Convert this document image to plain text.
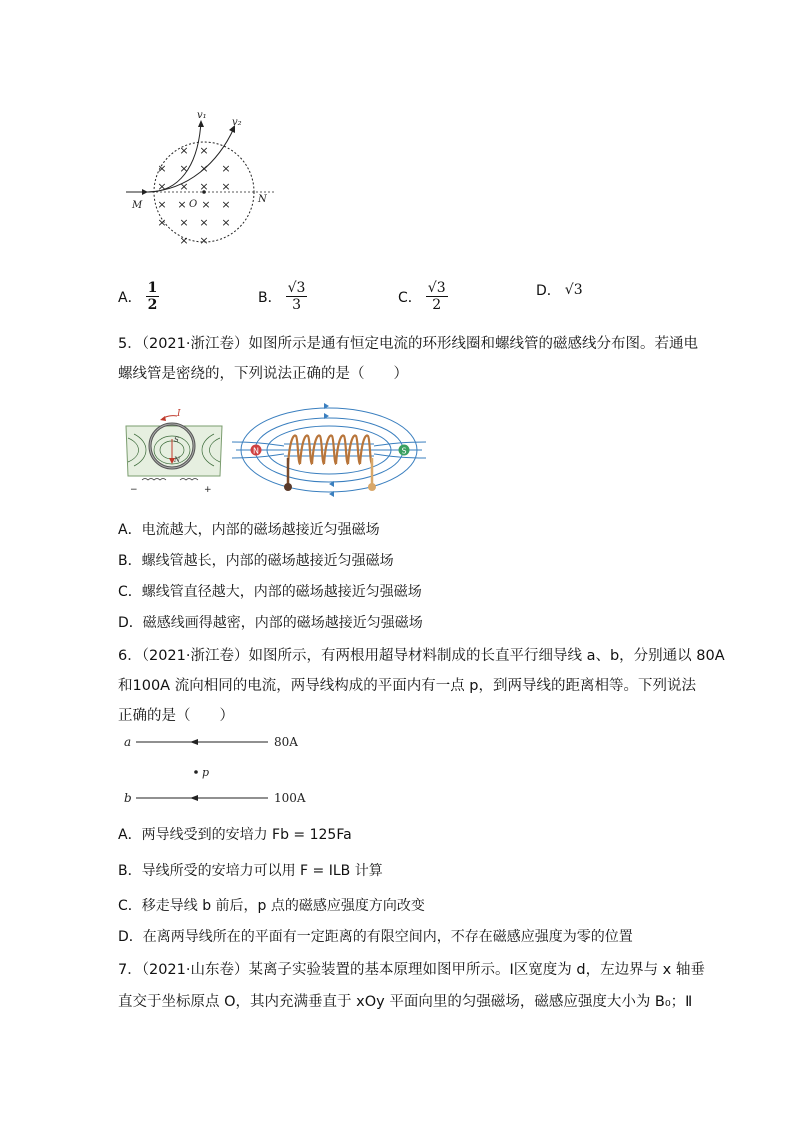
× ×
× × × ×
× × × ×
× × × ×
× × × ×
× ×
v₁
v₂
M
N
O
A． $\frac{1}{2}$	B． $\frac{√3}{3}$	C． $\frac{√3}{2}$	D． √3
5．（2021·浙江卷）如图所示是通有恒定电流的环形线圈和螺线管的磁感线分布图。若通电
螺线管是密绕的，下列说法正确的是（　　）
I
S
N
−	+
N	S
A．电流越大，内部的磁场越接近匀强磁场
B．螺线管越长，内部的磁场越接近匀强磁场
C．螺线管直径越大，内部的磁场越接近匀强磁场
D．磁感线画得越密，内部的磁场越接近匀强磁场
6．（2021·浙江卷）如图所示，有两根用超导材料制成的长直平行细导线 a、b，分别通以 80A
和100A 流向相同的电流，两导线构成的平面内有一点 p，到两导线的距离相等。下列说法
正确的是（　　）
a
b
80A
100A
p
A．两导线受到的安培力 Fb = 125Fa
B．导线所受的安培力可以用 F = ILB 计算
C．移走导线 b 前后，p 点的磁感应强度方向改变
D．在离两导线所在的平面有一定距离的有限空间内，不存在磁感应强度为零的位置
7．（2021·山东卷）某离子实验装置的基本原理如图甲所示。Ⅰ区宽度为 d，左边界与 x 轴垂
直交于坐标原点 O，其内充满垂直于 xOy 平面向里的匀强磁场，磁感应强度大小为 B₀；Ⅱ
